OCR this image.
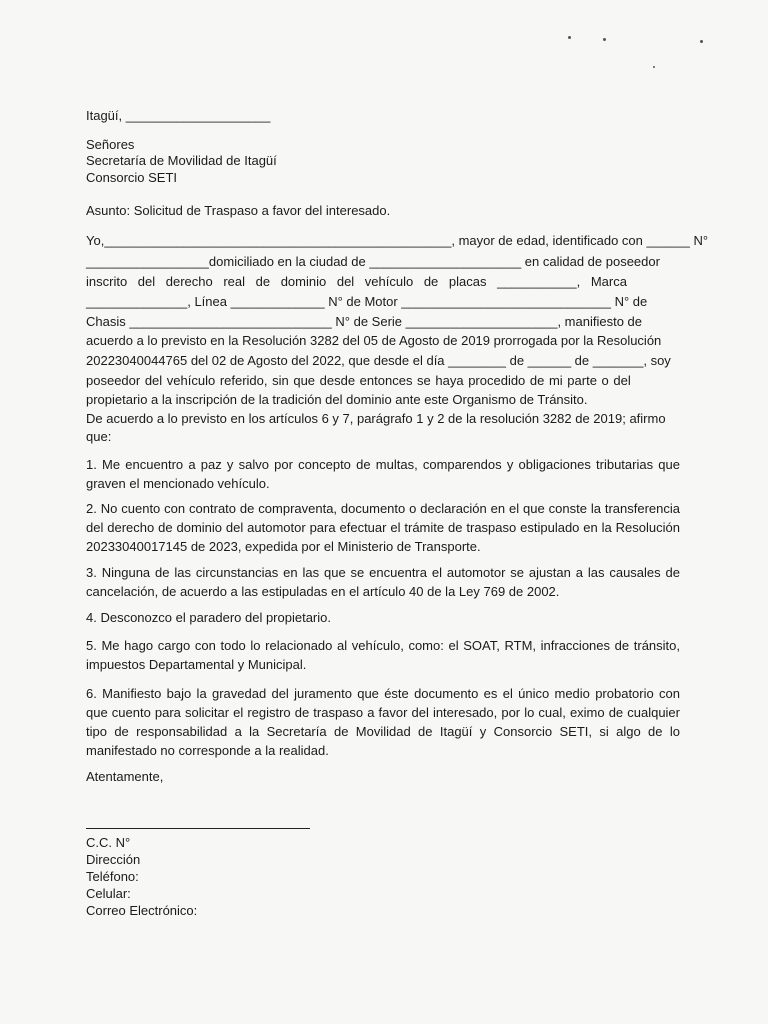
Itagüí, ____________________
Señores
Secretaría de Movilidad de Itagüí
Consorcio SETI
Asunto: Solicitud de Traspaso a favor del interesado.
Yo,________________________________________________, mayor de edad, identificado con ______ N°
_________________domiciliado en la ciudad de _____________________ en calidad de poseedor
inscrito del derecho real de dominio del vehículo de placas ___________, Marca
______________, Línea _____________ N° de Motor _____________________________ N° de
Chasis ____________________________ N° de Serie _____________________, manifiesto de
acuerdo a lo previsto en la Resolución 3282 del 05 de Agosto de 2019 prorrogada por la Resolución
20223040044765 del 02 de Agosto del 2022, que desde el día ________ de ______ de _______, soy
poseedor del vehículo referido, sin que desde entonces se haya procedido de mi parte o del
propietario a la inscripción de la tradición del dominio ante este Organismo de Tránsito.
De acuerdo a lo previsto en los artículos 6 y 7, parágrafo 1 y 2 de la resolución 3282 de 2019; afirmo
que:
1. Me encuentro a paz y salvo por concepto de multas, comparendos y obligaciones tributarias que graven el mencionado vehículo.
2. No cuento con contrato de compraventa, documento o declaración en el que conste la transferencia del derecho de dominio del automotor para efectuar el trámite de traspaso estipulado en la Resolución 20233040017145 de 2023, expedida por el Ministerio de Transporte.
3. Ninguna de las circunstancias en las que se encuentra el automotor se ajustan a las causales de cancelación, de acuerdo a las estipuladas en el artículo 40 de la Ley 769 de 2002.
4. Desconozco el paradero del propietario.
5. Me hago cargo con todo lo relacionado al vehículo, como: el SOAT, RTM, infracciones de tránsito, impuestos Departamental y Municipal.
6. Manifiesto bajo la gravedad del juramento que éste documento es el único medio probatorio con que cuento para solicitar el registro de traspaso a favor del interesado, por lo cual, eximo de cualquier tipo de responsabilidad a la Secretaría de Movilidad de Itagüí y Consorcio SETI, si algo de lo manifestado no corresponde a la realidad.
Atentamente,
C.C. N°
Dirección
Teléfono:
Celular:
Correo Electrónico:
